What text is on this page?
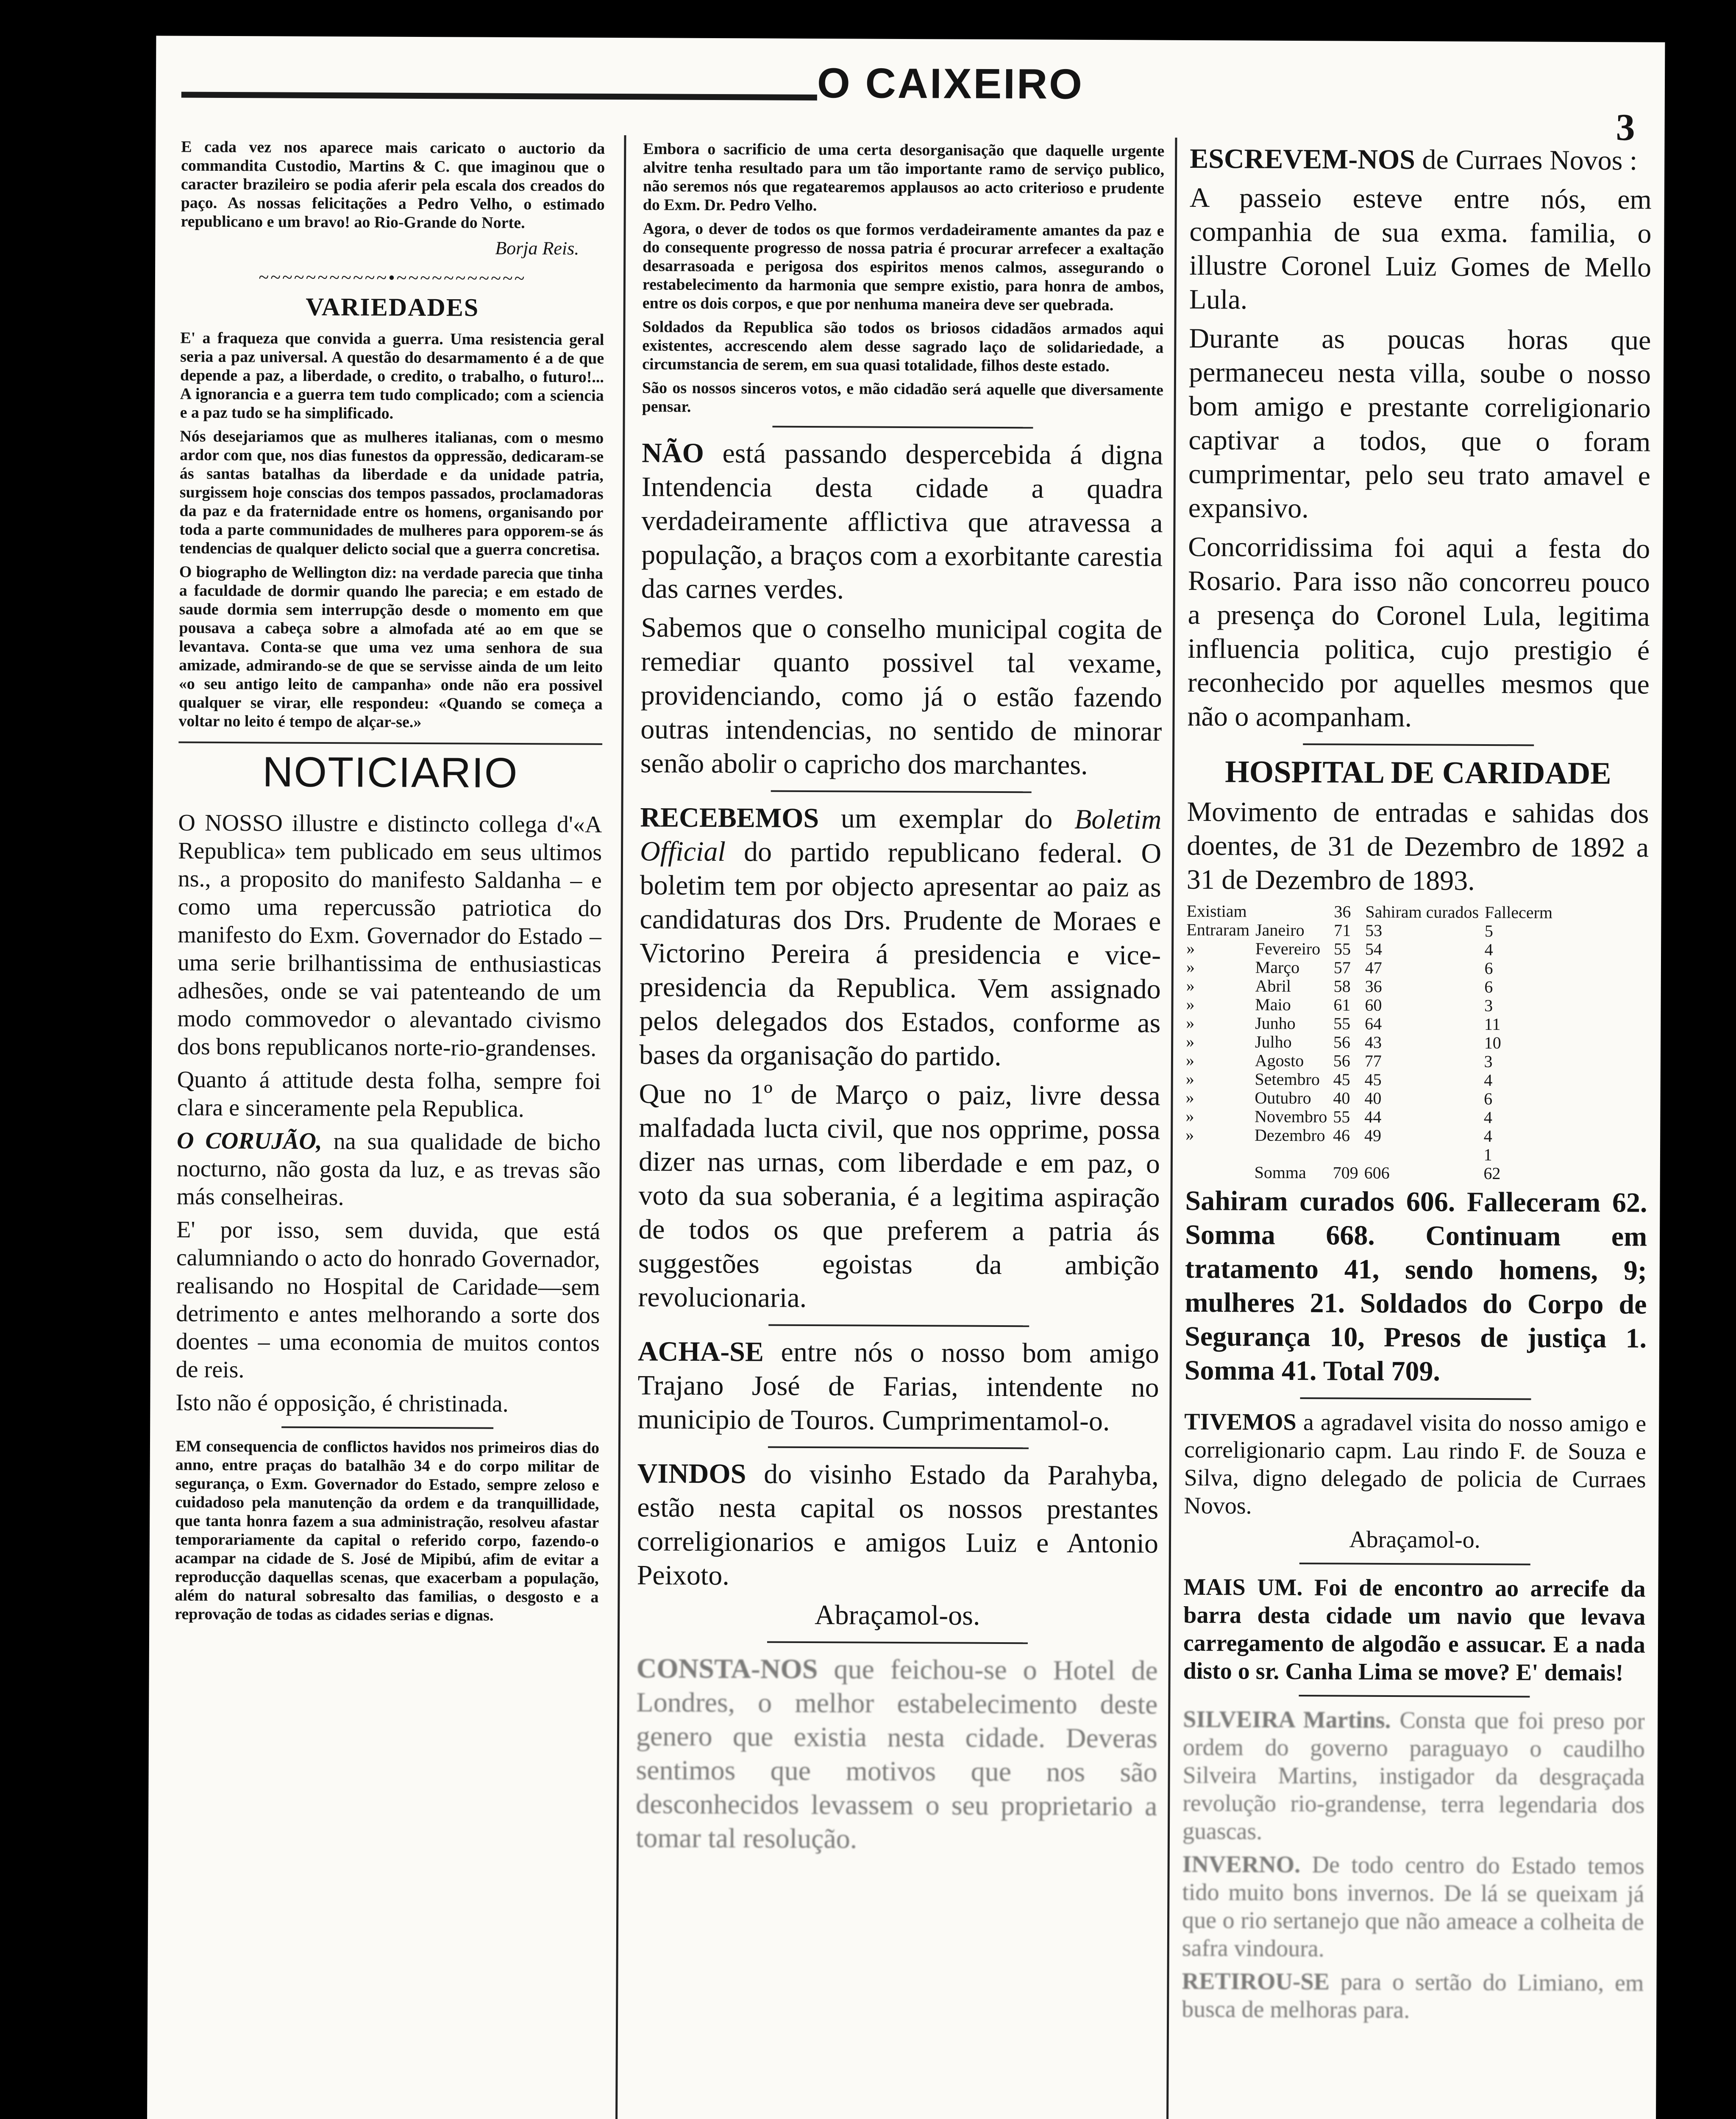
O CAIXEIRO
3

E cada vez nos aparece mais caricato o auctorio da commandita Custodio, Martins & C. que imaginou que o caracter brazileiro se podia aferir pela escala dos creados do paço. As nossas felicitações a Pedro Velho, o estimado republicano e um bravo! ao Rio-Grande do Norte.

Borja Reis.
~~~~~~~~~~~•~~~~~~~~~~~
VARIEDADES

E' a fraqueza que convida a guerra. Uma resistencia geral seria a paz universal. A questão do desarmamento é a de que depende a paz, a liberdade, o credito, o trabalho, o futuro!... A ignorancia e a guerra tem tudo complicado; com a sciencia e a paz tudo se ha simplificado.

Nós desejariamos que as mulheres italianas, com o mesmo ardor com que, nos dias funestos da oppressão, dedicaram-se ás santas batalhas da liberdade e da unidade patria, surgissem hoje conscias dos tempos passados, proclamadoras da paz e da fraternidade entre os homens, organisando por toda a parte communidades de mulheres para opporem-se ás tendencias de qualquer delicto social que a guerra concretisa.

O biographo de Wellington diz: na verdade parecia que tinha a faculdade de dormir quando lhe parecia; e em estado de saude dormia sem interrupção desde o momento em que pousava a cabeça sobre a almofada até ao em que se levantava. Conta-se que uma vez uma senhora de sua amizade, admirando-se de que se servisse ainda de um leito «o seu antigo leito de campanha» onde não era possivel qualquer se virar, elle respondeu: «Quando se começa a voltar no leito é tempo de alçar-se.»

NOTICIARIO

O NOSSO illustre e distincto collega d'«A Republica» tem publicado em seus ultimos ns., a proposito do manifesto Saldanha – e como uma repercussão patriotica do manifesto do Exm. Governador do Estado – uma serie brilhantissima de enthusiasticas adhesões, onde se vai patenteando de um modo commovedor o alevantado civismo dos bons republicanos norte-rio-grandenses.

Quanto á attitude desta folha, sempre foi clara e sinceramente pela Republica.

O CORUJÃO, na sua qualidade de bicho nocturno, não gosta da luz, e as trevas são más conselheiras.

E' por isso, sem duvida, que está calumniando o acto do honrado Governador, realisando no Hospital de Caridade—sem detrimento e antes melhorando a sorte dos doentes – uma economia de muitos contos de reis.

Isto não é opposição, é christinada.

EM consequencia de conflictos havidos nos primeiros dias do anno, entre praças do batalhão 34 e do corpo militar de segurança, o Exm. Governador do Estado, sempre zeloso e cuidadoso pela manutenção da ordem e da tranquillidade, que tanta honra fazem a sua administração, resolveu afastar temporariamente da capital o referido corpo, fazendo-o acampar na cidade de S. José de Mipibú, afim de evitar a reproducção daquellas scenas, que exacerbam a população, além do natural sobresalto das familias, o desgosto e a reprovação de todas as cidades serias e dignas.

Embora o sacrificio de uma certa desorganisação que daquelle urgente alvitre tenha resultado para um tão importante ramo de serviço publico, não seremos nós que regatearemos applausos ao acto criterioso e prudente do Exm. Dr. Pedro Velho.

Agora, o dever de todos os que formos verdadeiramente amantes da paz e do consequente progresso de nossa patria é procurar arrefecer a exaltação desarrasoada e perigosa dos espiritos menos calmos, assegurando o restabelecimento da harmonia que sempre existio, para honra de ambos, entre os dois corpos, e que por nenhuma maneira deve ser quebrada.

Soldados da Republica são todos os briosos cidadãos armados aqui existentes, accrescendo alem desse sagrado laço de solidariedade, a circumstancia de serem, em sua quasi totalidade, filhos deste estado.

São os nossos sinceros votos, e mão cidadão será aquelle que diversamente pensar.

NÃO está passando despercebida á digna Intendencia desta cidade a quadra verdadeiramente afflictiva que atravessa a população, a braços com a exorbitante carestia das carnes verdes.

Sabemos que o conselho municipal cogita de remediar quanto possivel tal vexame, providenciando, como já o estão fazendo outras intendencias, no sentido de minorar senão abolir o capricho dos marchantes.

RECEBEMOS um exemplar do Boletim Official do partido republicano federal. O boletim tem por objecto apresentar ao paiz as candidaturas dos Drs. Prudente de Moraes e Victorino Pereira á presidencia e vice-presidencia da Republica. Vem assignado pelos delegados dos Estados, conforme as bases da organisação do partido.

Que no 1º de Março o paiz, livre dessa malfadada lucta civil, que nos opprime, possa dizer nas urnas, com liberdade e em paz, o voto da sua soberania, é a legitima aspiração de todos os que preferem a patria ás suggestões egoistas da ambição revolucionaria.

ACHA-SE entre nós o nosso bom amigo Trajano José de Farias, intendente no municipio de Touros. Cumprimentamol-o.

VINDOS do visinho Estado da Parahyba, estão nesta capital os nossos prestantes correligionarios e amigos Luiz e Antonio Peixoto.

Abraçamol-os.

CONSTA-NOS que feichou-se o Hotel de Londres, o melhor estabelecimento deste genero que existia nesta cidade. Deveras sentimos que motivos que nos são desconhecidos levassem o seu proprietario a tomar tal resolução.

ESCREVEM-NOS de Curraes Novos :

A passeio esteve entre nós, em companhia de sua exma. familia, o illustre Coronel Luiz Gomes de Mello Lula.

Durante as poucas horas que permaneceu nesta villa, soube o nosso bom amigo e prestante correligionario captivar a todos, que o foram cumprimentar, pelo seu trato amavel e expansivo.

Concorridissima foi aqui a festa do Rosario. Para isso não concorreu pouco a presença do Coronel Lula, legitima influencia politica, cujo prestigio é reconhecido por aquelles mesmos que não o acompanham.

HOSPITAL DE CARIDADE

Movimento de entradas e sahidas dos doentes, de 31 de Dezembro de 1892 a 31 de Dezembro de 1893.

Existiam		36	Sahiram curados	Fallecerm
Entraram	Janeiro	71	53	5
»	Fevereiro	55	54	4
»	Março	57	47	6
»	Abril	58	36	6
»	Maio	61	60	3
»	Junho	55	64	11
»	Julho	56	43	10
»	Agosto	56	77	3
»	Setembro	45	45	4
»	Outubro	40	40	6
»	Novembro	55	44	4
»	Dezembro	46	49	4
				1
	Somma	709	606	62

Sahiram curados 606. Falleceram 62. Somma 668. Continuam em tratamento 41, sendo homens, 9; mulheres 21. Soldados do Corpo de Segurança 10, Presos de justiça 1. Somma 41. Total 709.

TIVEMOS a agradavel visita do nosso amigo e correligionario capm. Lau rindo F. de Souza e Silva, digno delegado de policia de Curraes Novos.

Abraçamol-o.

MAIS UM. Foi de encontro ao arrecife da barra desta cidade um navio que levava carregamento de algodão e assucar. E a nada disto o sr. Canha Lima se move? E' demais!

SILVEIRA Martins. Consta que foi preso por ordem do governo paraguayo o caudilho Silveira Martins, instigador da desgraçada revolução rio-grandense, terra legendaria dos guascas.

INVERNO. De todo centro do Estado temos tido muito bons invernos. De lá se queixam já que o rio sertanejo que não ameace a colheita de safra vindoura.

RETIROU-SE para o sertão do Limiano, em busca de melhoras para.
